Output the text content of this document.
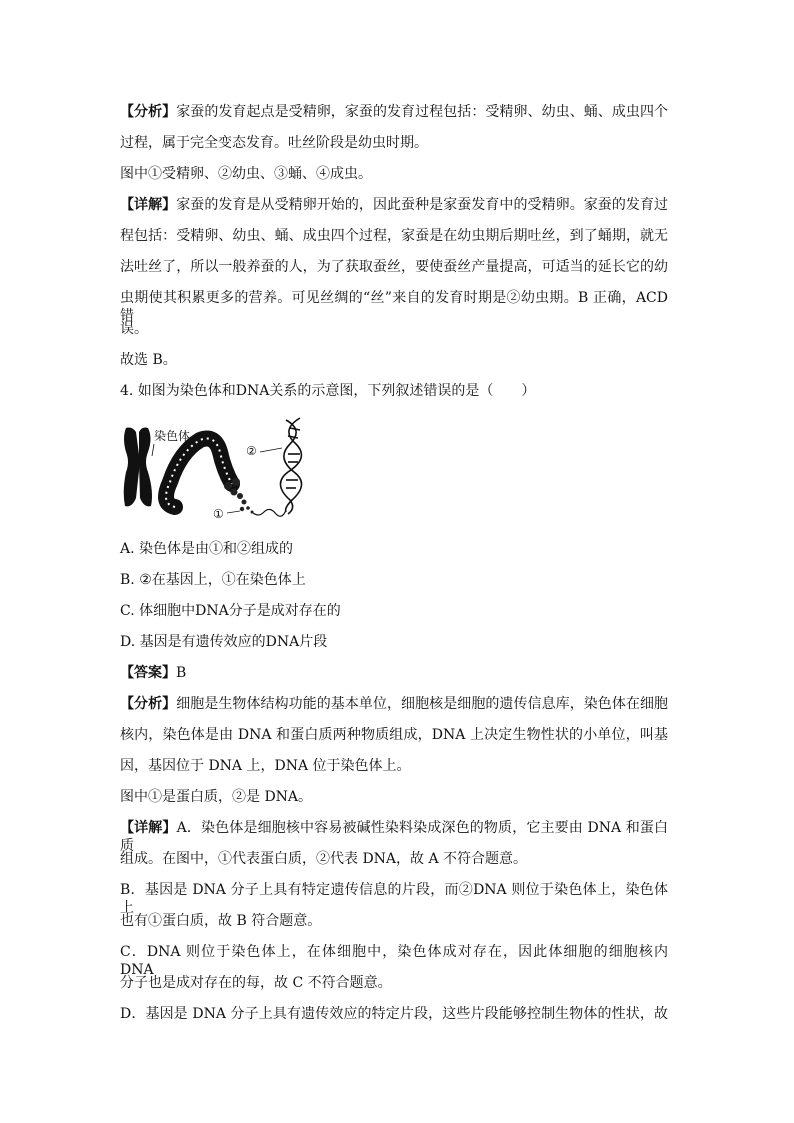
【分析】家蚕的发育起点是受精卵，家蚕的发育过程包括：受精卵、幼虫、蛹、成虫四个
过程，属于完全变态发育。吐丝阶段是幼虫时期。
图中①受精卵、②幼虫、③蛹、④成虫。
【详解】家蚕的发育是从受精卵开始的，因此蚕种是家蚕发育中的受精卵。家蚕的发育过
程包括：受精卵、幼虫、蛹、成虫四个过程，家蚕是在幼虫期后期吐丝，到了蛹期，就无
法吐丝了，所以一般养蚕的人，为了获取蚕丝，要使蚕丝产量提高，可适当的延长它的幼
虫期使其积累更多的营养。可见丝绸的“丝”来自的发育时期是②幼虫期。B 正确，ACD 错
误。
故选 B。
4. 如图为染色体和DNA关系的示意图，下列叙述错误的是（　　）
染色体
②
①
A. 染色体是由①和②组成的
B. ②在基因上，①在染色体上
C. 体细胞中DNA分子是成对存在的
D. 基因是有遗传效应的DNA片段
【答案】B
【分析】细胞是生物体结构功能的基本单位，细胞核是细胞的遗传信息库，染色体在细胞
核内，染色体是由 DNA 和蛋白质两种物质组成，DNA 上决定生物性状的小单位，叫基
因，基因位于 DNA 上，DNA 位于染色体上。
图中①是蛋白质，②是 DNA。
【详解】A．染色体是细胞核中容易被碱性染料染成深色的物质，它主要由 DNA 和蛋白质
组成。在图中，①代表蛋白质，②代表 DNA，故 A 不符合题意。
B．基因是 DNA 分子上具有特定遗传信息的片段，而②DNA 则位于染色体上，染色体上
也有①蛋白质，故 B 符合题意。
C．DNA 则位于染色体上，在体细胞中，染色体成对存在，因此体细胞的细胞核内 DNA
分子也是成对存在的每，故 C 不符合题意。
D．基因是 DNA 分子上具有遗传效应的特定片段，这些片段能够控制生物体的性状，故
